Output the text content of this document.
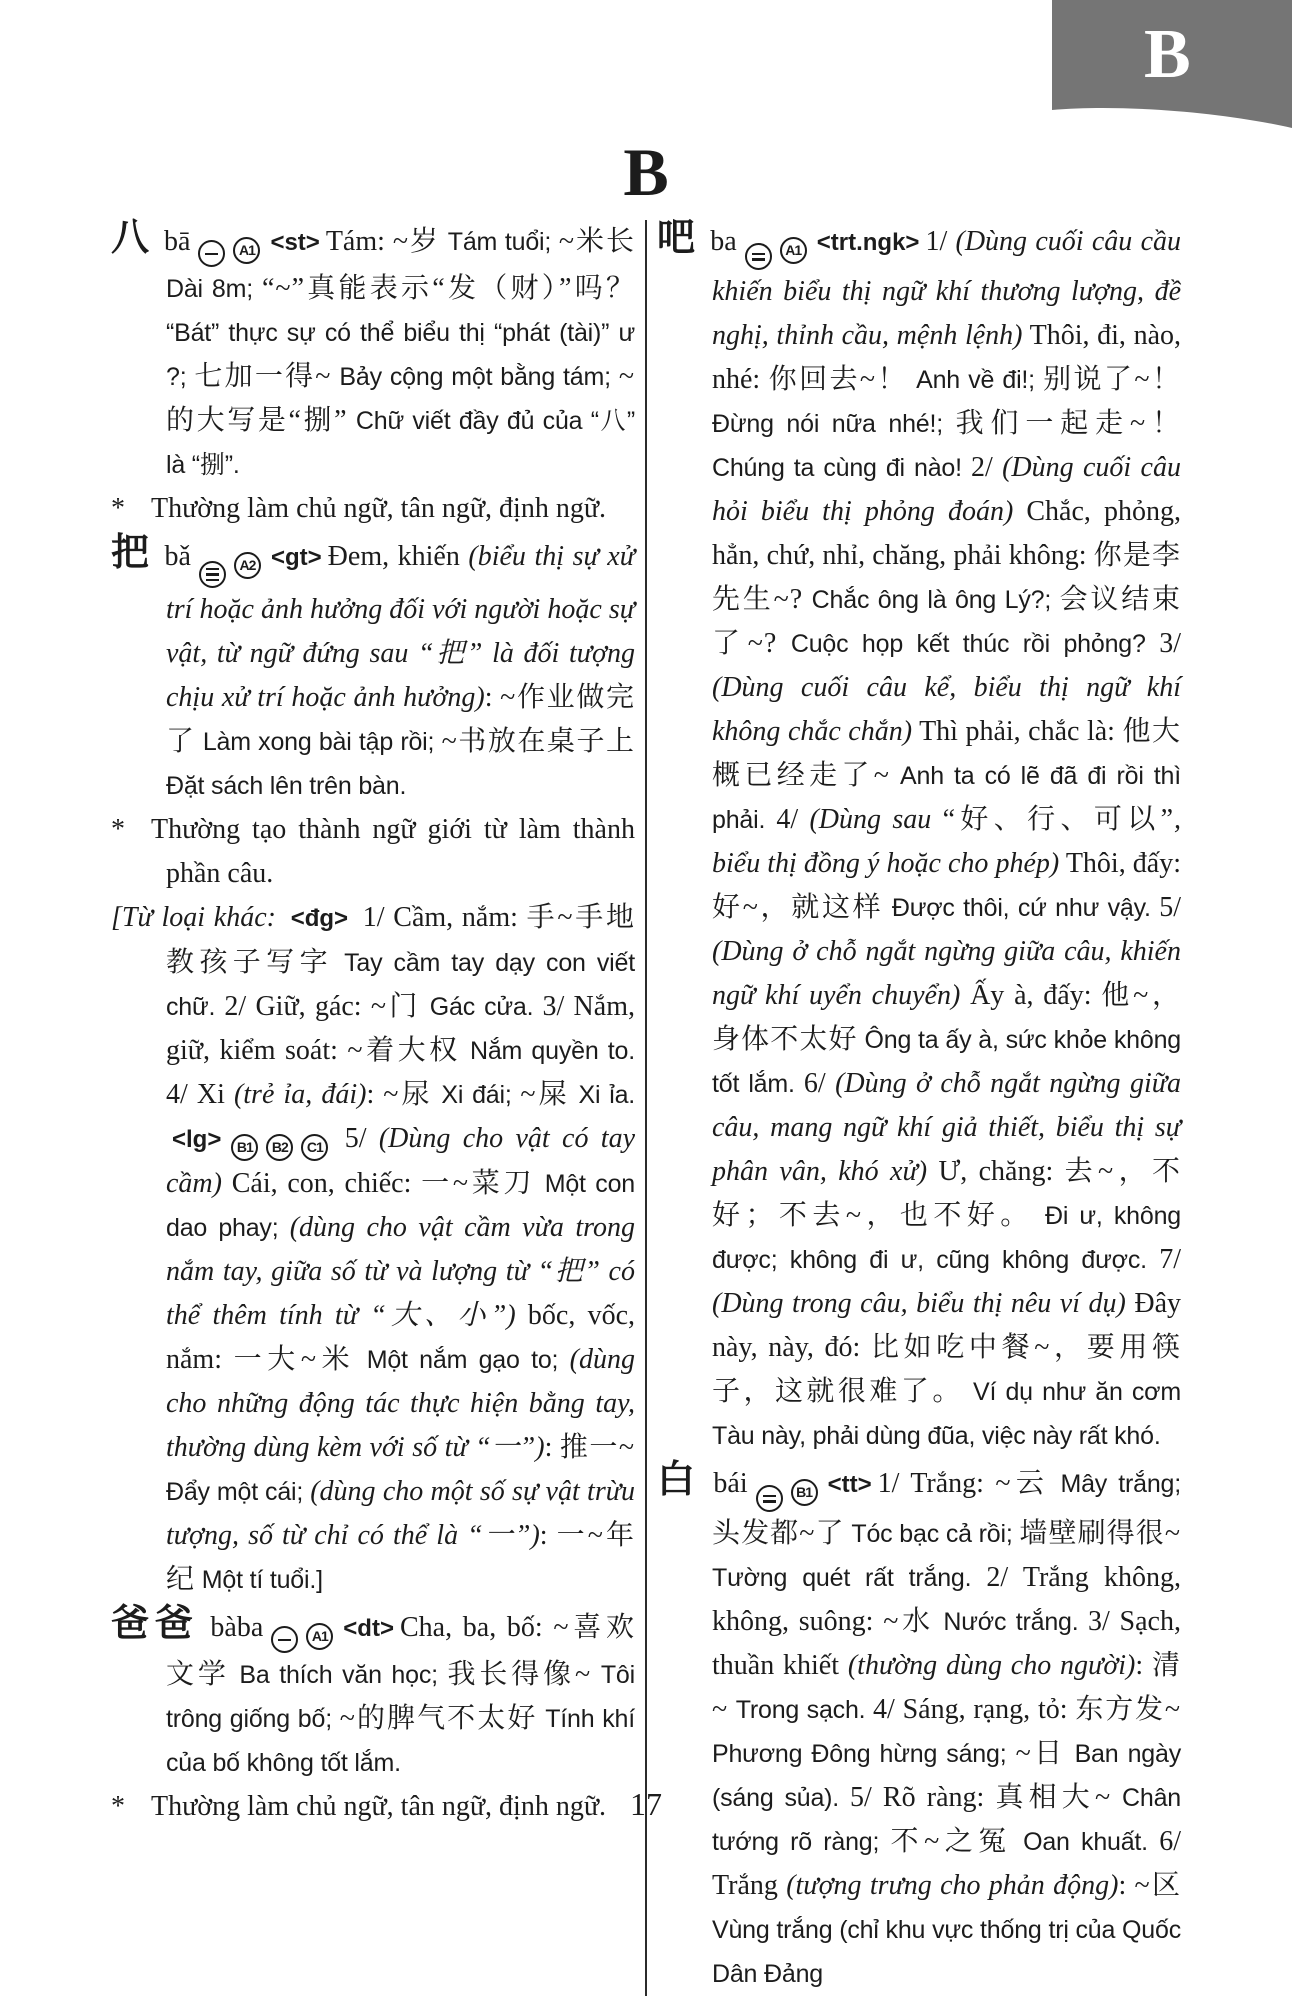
B
B

八 bā	A1 <st> Tám: ~岁 Tám tuổi; ~米长 Dài 8m; “~”真能表示“发（财）”吗？ “Bát” thực sự có thể biểu thị “phát (tài)” ư ?; 七加一得~ Bảy cộng một bằng tám; ~的大写是“捌” Chữ viết đầy đủ của “八” là “捌”.

* Thường làm chủ ngữ, tân ngữ, định ngữ.

把 bǎ	A2 <gt> Đem, khiến (biểu thị sự xử trí hoặc ảnh hưởng đối với người hoặc sự vật, từ ngữ đứng sau “把” là đối tượng chịu xử trí hoặc ảnh hưởng): ~作业做完了 Làm xong bài tập rồi; ~书放在桌子上 Đặt sách lên trên bàn.

* Thường tạo thành ngữ giới từ làm thành phần câu.

[Từ loại khác: <đg> 1/ Cầm, nắm: 手~手地教孩子写字 Tay cầm tay dạy con viết chữ. 2/ Giữ, gác: ~门 Gác cửa. 3/ Nắm, giữ, kiểm soát: ~着大权 Nắm quyền to. 4/ Xi (trẻ ỉa, đái): ~尿 Xi đái; ~屎 Xi ỉa. <lg> B1 B2 C1 5/ (Dùng cho vật có tay cầm) Cái, con, chiếc: 一~菜刀 Một con dao phay; (dùng cho vật cầm vừa trong nắm tay, giữa số từ và lượng từ “把” có thể thêm tính từ “大、小”) bốc, vốc, nắm: 一大~米 Một nắm gạo to; (dùng cho những động tác thực hiện bằng tay, thường dùng kèm với số từ “一”): 推一~ Đẩy một cái; (dùng cho một số sự vật trừu tượng, số từ chỉ có thể là “一”): 一~年纪 Một tí tuổi.]

爸爸 bàba	A1 <dt> Cha, ba, bố: ~喜欢文学 Ba thích văn học; 我长得像~ Tôi trông giống bố; ~的脾气不太好 Tính khí của bố không tốt lắm.

* Thường làm chủ ngữ, tân ngữ, định ngữ.

吧 ba	A1 <trt.ngk> 1/ (Dùng cuối câu cầu khiến biểu thị ngữ khí thương lượng, đề nghị, thỉnh cầu, mệnh lệnh) Thôi, đi, nào, nhé: 你回去~！ Anh về đi!; 别说了~！ Đừng nói nữa nhé!; 我们一起走~！ Chúng ta cùng đi nào! 2/ (Dùng cuối câu hỏi biểu thị phỏng đoán) Chắc, phỏng, hẳn, chứ, nhỉ, chăng, phải không: 你是李先生~? Chắc ông là ông Lý?; 会议结束了~? Cuộc họp kết thúc rồi phỏng? 3/ (Dùng cuối câu kể, biểu thị ngữ khí không chắc chắn) Thì phải, chắc là: 他大概已经走了~ Anh ta có lẽ đã đi rồi thì phải. 4/ (Dùng sau “好、行、可以”, biểu thị đồng ý hoặc cho phép) Thôi, đấy: 好~，就这样 Được thôi, cứ như vậy. 5/ (Dùng ở chỗ ngắt ngừng giữa câu, khiến ngữ khí uyển chuyển) Ấy à, đấy: 他~，身体不太好 Ông ta ấy à, sức khỏe không tốt lắm. 6/ (Dùng ở chỗ ngắt ngừng giữa câu, mang ngữ khí giả thiết, biểu thị sự phân vân, khó xử) Ư, chăng: 去~，不好；不去~，也不好。 Đi ư, không được; không đi ư, cũng không được. 7/ (Dùng trong câu, biểu thị nêu ví dụ) Đây này, này, đó: 比如吃中餐~，要用筷子，这就很难了。 Ví dụ như ăn cơm Tàu này, phải dùng đũa, việc này rất khó.

白 bái	B1 <tt> 1/ Trắng: ~云 Mây trắng; 头发都~了 Tóc bạc cả rồi; 墙壁刷得很~ Tường quét rất trắng. 2/ Trắng không, không, suông: ~水 Nước trắng. 3/ Sạch, thuần khiết (thường dùng cho người): 清~ Trong sạch. 4/ Sáng, rạng, tỏ: 东方发~ Phương Đông hừng sáng; ~日 Ban ngày (sáng sủa). 5/ Rõ ràng: 真相大~ Chân tướng rõ ràng; 不~之冤 Oan khuất. 6/ Trắng (tượng trưng cho phản động): ~区 Vùng trắng (chỉ khu vực thống trị của Quốc Dân Đảng

17
